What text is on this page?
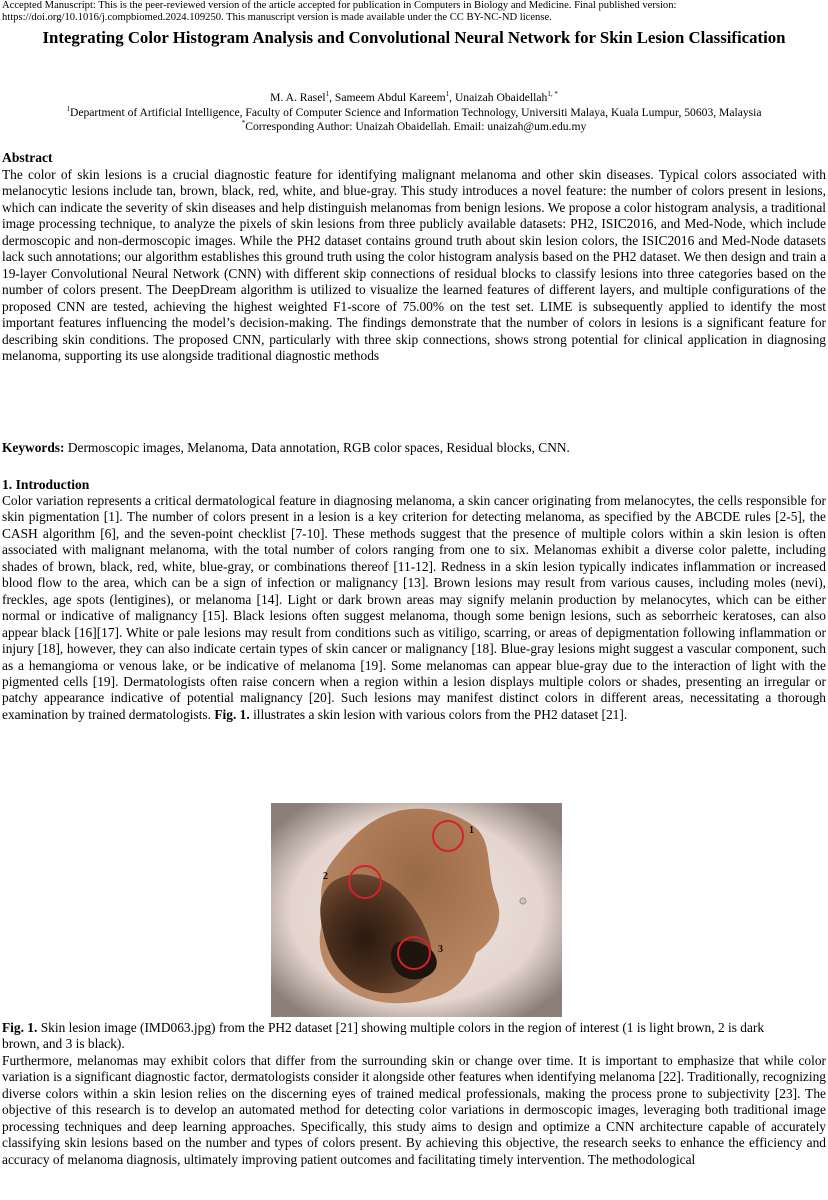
Accepted Manuscript: This is the peer-reviewed version of the article accepted for publication in Computers in Biology and Medicine. Final published version: https://doi.org/10.1016/j.compbiomed.2024.109250. This manuscript version is made available under the CC BY-NC-ND license.
Integrating Color Histogram Analysis and Convolutional Neural Network for Skin Lesion Classification
M. A. Rasel$^1$, Sameem Abdul Kareem$^1$, Unaizah Obaidellah$^{1, *}$
$^1$Department of Artificial Intelligence, Faculty of Computer Science and Information Technology, Universiti Malaya, Kuala Lumpur, 50603, Malaysia
*Corresponding Author: Unaizah Obaidellah. Email: unaizah@um.edu.my
Abstract
The color of skin lesions is a crucial diagnostic feature for identifying malignant melanoma and other skin diseases. Typical colors associated with melanocytic lesions include tan, brown, black, red, white, and blue-gray. This study introduces a novel feature: the number of colors present in lesions, which can indicate the severity of skin diseases and help distinguish melanomas from benign lesions. We propose a color histogram analysis, a traditional image processing technique, to analyze the pixels of skin lesions from three publicly available datasets: PH2, ISIC2016, and Med-Node, which include dermoscopic and non-dermoscopic images. While the PH2 dataset contains ground truth about skin lesion colors, the ISIC2016 and Med-Node datasets lack such annotations; our algorithm establishes this ground truth using the color histogram analysis based on the PH2 dataset. We then design and train a 19-layer Convolutional Neural Network (CNN) with different skip connections of residual blocks to classify lesions into three categories based on the number of colors present. The DeepDream algorithm is utilized to visualize the learned features of different layers, and multiple configurations of the proposed CNN are tested, achieving the highest weighted F1-score of 75.00% on the test set. LIME is subsequently applied to identify the most important features influencing the model’s decision-making. The findings demonstrate that the number of colors in lesions is a significant feature for describing skin conditions. The proposed CNN, particularly with three skip connections, shows strong potential for clinical application in diagnosing melanoma, supporting its use alongside traditional diagnostic methods
Keywords: Dermoscopic images, Melanoma, Data annotation, RGB color spaces, Residual blocks, CNN.
1. Introduction
Color variation represents a critical dermatological feature in diagnosing melanoma, a skin cancer originating from melanocytes, the cells responsible for skin pigmentation [1]. The number of colors present in a lesion is a key criterion for detecting melanoma, as specified by the ABCDE rules [2-5], the CASH algorithm [6], and the seven-point checklist [7-10]. These methods suggest that the presence of multiple colors within a skin lesion is often associated with malignant melanoma, with the total number of colors ranging from one to six. Melanomas exhibit a diverse color palette, including shades of brown, black, red, white, blue-gray, or combinations thereof [11-12]. Redness in a skin lesion typically indicates inflammation or increased blood flow to the area, which can be a sign of infection or malignancy [13]. Brown lesions may result from various causes, including moles (nevi), freckles, age spots (lentigines), or melanoma [14]. Light or dark brown areas may signify melanin production by melanocytes, which can be either normal or indicative of malignancy [15]. Black lesions often suggest melanoma, though some benign lesions, such as seborrheic keratoses, can also appear black [16][17]. White or pale lesions may result from conditions such as vitiligo, scarring, or areas of depigmentation following inflammation or injury [18], however, they can also indicate certain types of skin cancer or malignancy [18]. Blue-gray lesions might suggest a vascular component, such as a hemangioma or venous lake, or be indicative of melanoma [19]. Some melanomas can appear blue-gray due to the interaction of light with the pigmented cells [19]. Dermatologists often raise concern when a region within a lesion displays multiple colors or shades, presenting an irregular or patchy appearance indicative of potential malignancy [20]. Such lesions may manifest distinct colors in different areas, necessitating a thorough examination by trained dermatologists. Fig. 1. illustrates a skin lesion with various colors from the PH2 dataset [21].
1
2
3
Fig. 1. Skin lesion image (IMD063.jpg) from the PH2 dataset [21] showing multiple colors in the region of interest (1 is light brown, 2 is dark brown, and 3 is black).
Furthermore, melanomas may exhibit colors that differ from the surrounding skin or change over time. It is important to emphasize that while color variation is a significant diagnostic factor, dermatologists consider it alongside other features when identifying melanoma [22]. Traditionally, recognizing diverse colors within a skin lesion relies on the discerning eyes of trained medical professionals, making the process prone to subjectivity [23]. The objective of this research is to develop an automated method for detecting color variations in dermoscopic images, leveraging both traditional image processing techniques and deep learning approaches. Specifically, this study aims to design and optimize a CNN architecture capable of accurately classifying skin lesions based on the number and types of colors present. By achieving this objective, the research seeks to enhance the efficiency and accuracy of melanoma diagnosis, ultimately improving patient outcomes and facilitating timely intervention. The methodological
